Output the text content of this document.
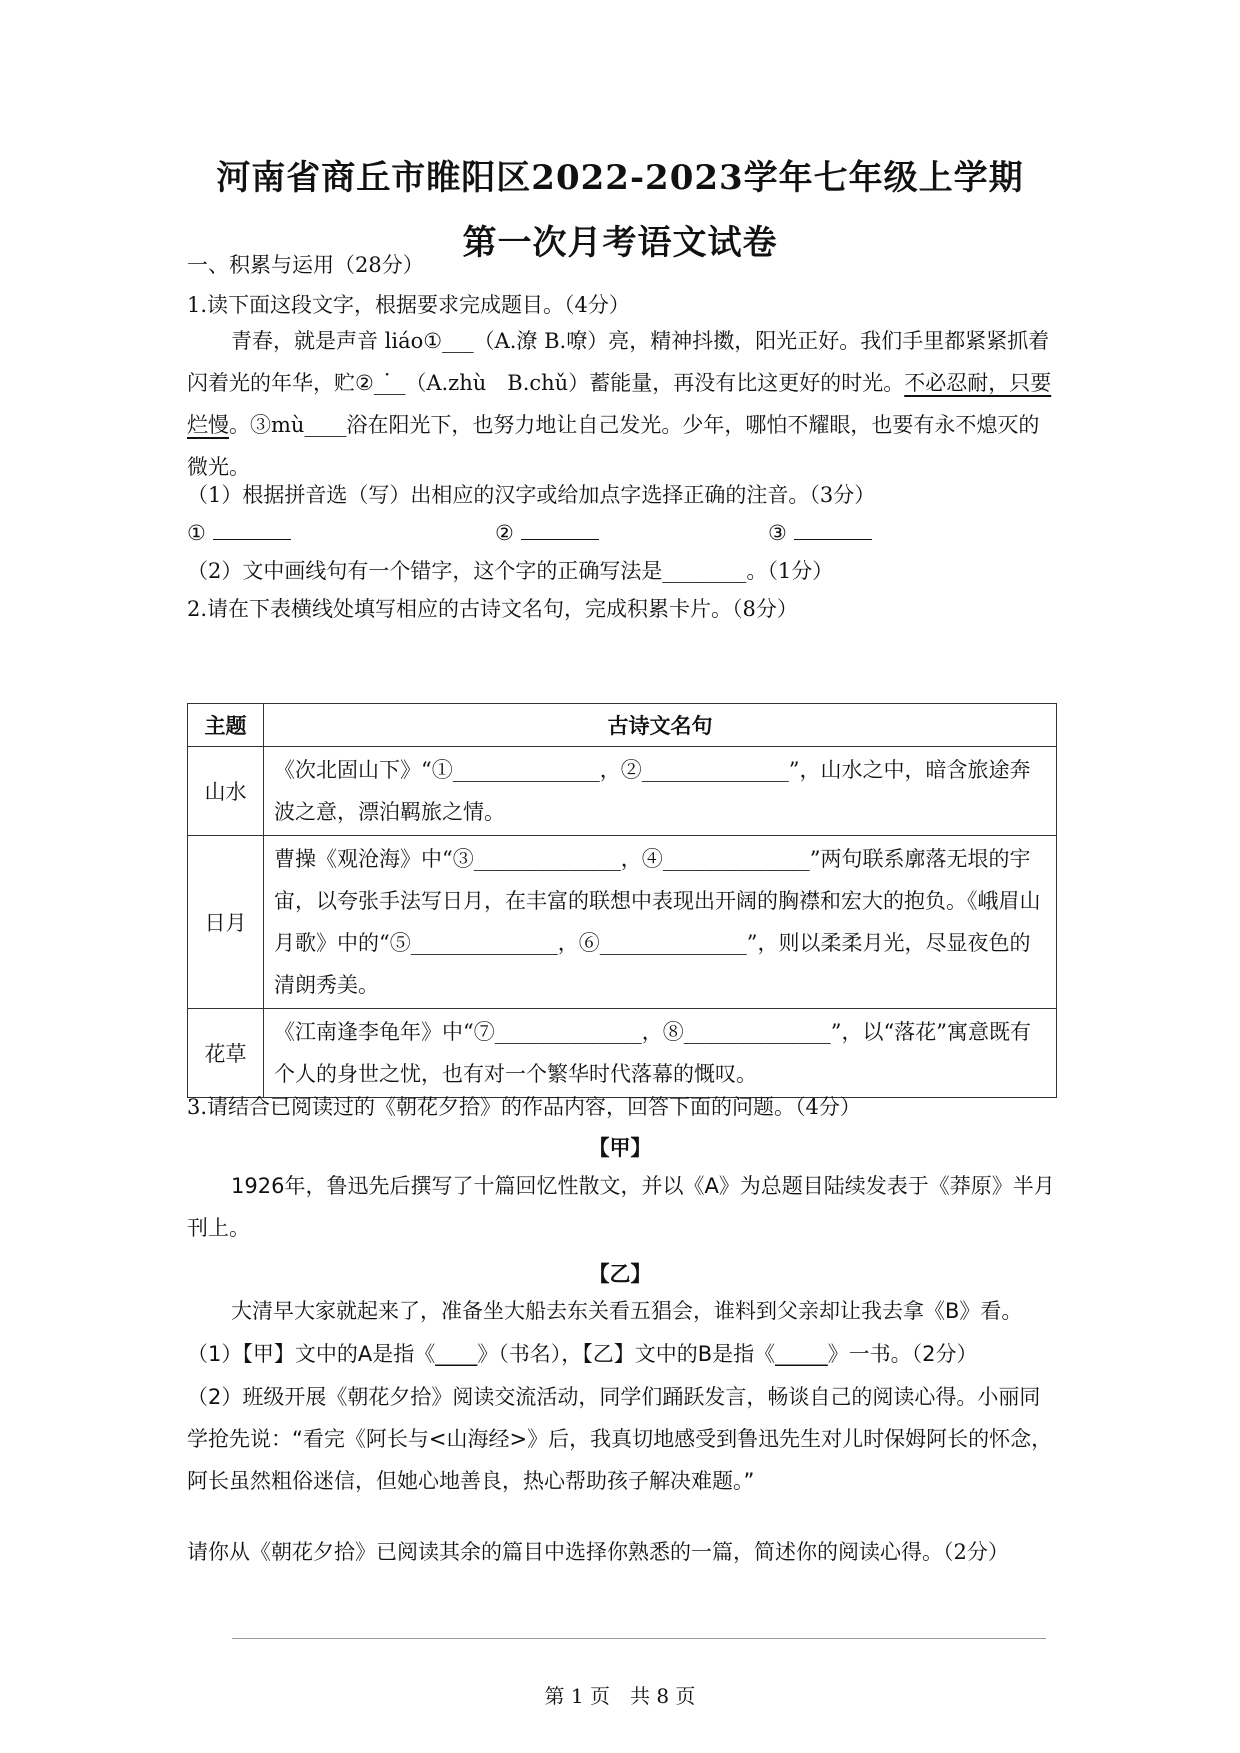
河南省商丘市睢阳区2022-2023学年七年级上学期
第一次月考语文试卷
一、积累与运用（28分）
1.读下面这段文字，根据要求完成题目。（4分）
青春，就是声音 liáo①___（A.潦 B.嘹）亮，精神抖擞，阳光正好。我们手里都紧紧抓着闪着光的年华，贮 ·②___（A.zhù　B.chǔ）蓄能量，再没有比这更好的时光。不必忍耐，只要烂慢。③mù____浴在阳光下，也努力地让自己发光。少年，哪怕不耀眼，也要有永不熄灭的微光。
（1）根据拼音选（写）出相应的汉字或给加点字选择正确的注音。（3分）
①	②	③
（2）文中画线句有一个错字，这个字的正确写法是________。（1分）
2.请在下表横线处填写相应的古诗文名句，完成积累卡片。（8分）
主题	古诗文名句
山水	《次北固山下》“①______________，②______________”，山水之中，暗含旅途奔波之意，漂泊羁旅之情。
日月	曹操《观沧海》中“③______________，④______________”两句联系廓落无垠的宇宙，以夸张手法写日月，在丰富的联想中表现出开阔的胸襟和宏大的抱负。《峨眉山月歌》中的“⑤______________，⑥______________”，则以柔柔月光，尽显夜色的清朗秀美。
花草	《江南逢李龟年》中“⑦______________，⑧______________”，以“落花”寓意既有个人的身世之忧，也有对一个繁华时代落幕的慨叹。
3.请结合已阅读过的《朝花夕拾》的作品内容，回答下面的问题。（4分）
【甲】
1926年，鲁迅先后撰写了十篇回忆性散文，并以《A》为总题目陆续发表于《莽原》半月刊上。
【乙】
大清早大家就起来了，准备坐大船去东关看五猖会，谁料到父亲却让我去拿《B》看。
（1）【甲】文中的A是指《____》（书名），【乙】文中的B是指《_____》一书。（2分）
（2）班级开展《朝花夕拾》阅读交流活动，同学们踊跃发言，畅谈自己的阅读心得。小丽同学抢先说：“看完《阿长与<山海经>》后，我真切地感受到鲁迅先生对儿时保姆阿长的怀念，阿长虽然粗俗迷信，但她心地善良，热心帮助孩子解决难题。”
请你从《朝花夕拾》已阅读其余的篇目中选择你熟悉的一篇，简述你的阅读心得。（2分）
第 1 页　共 8 页
